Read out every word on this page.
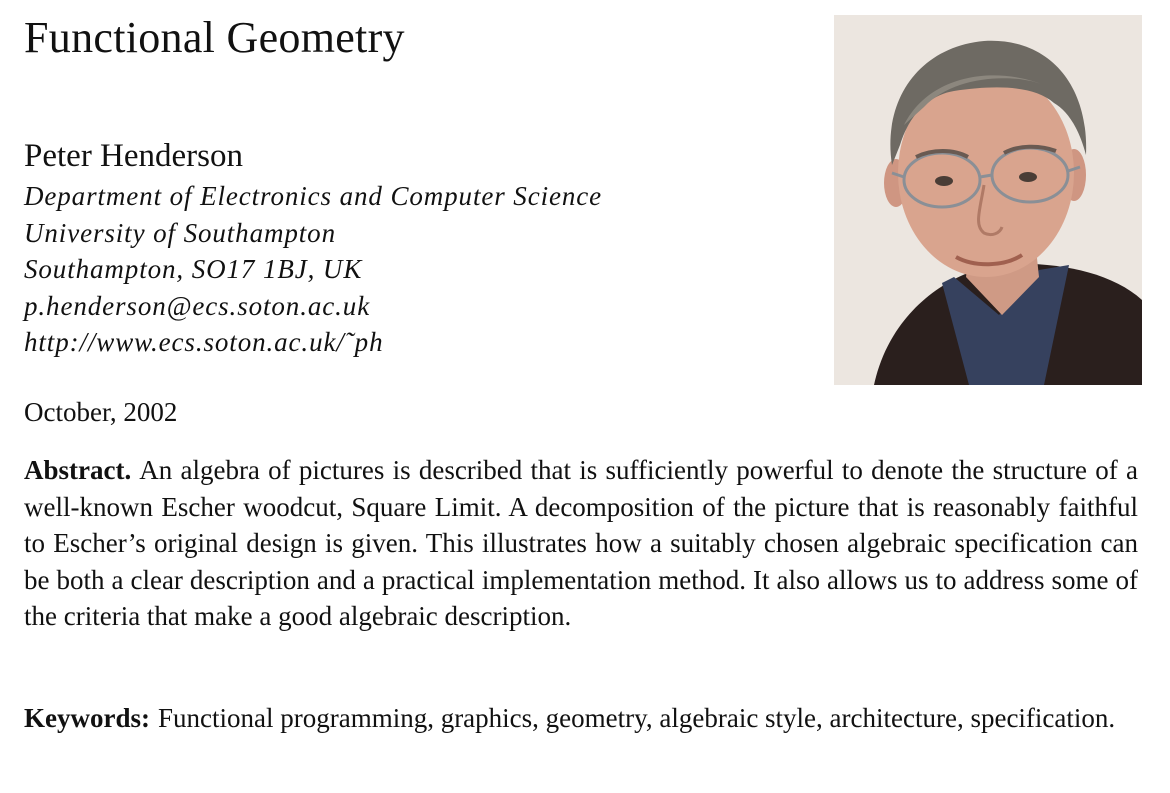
Functional Geometry
Peter Henderson
Department of Electronics and Computer Science
University of Southampton
Southampton, SO17 1BJ, UK
p.henderson@ecs.soton.ac.uk
http://www.ecs.soton.ac.uk/˜ph
October, 2002

Abstract. An algebra of pictures is described that is sufficiently powerful to denote the structure of a well-known Escher woodcut, Square Limit. A decomposition of the picture that is reasonably faithful to Escher’s original design is given. This illustrates how a suitably chosen algebraic specification can be both a clear description and a practical implementation method. It also allows us to address some of the criteria that make a good algebraic description.

Keywords: Functional programming, graphics, geometry, algebraic style, architecture, specification.
